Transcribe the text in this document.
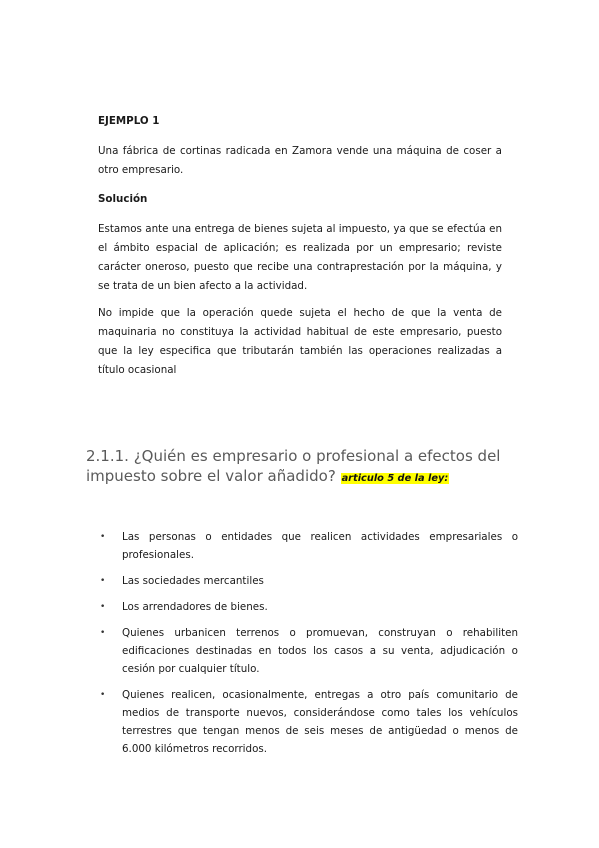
EJEMPLO 1
Una fábrica de cortinas radicada en Zamora vende una máquina de coser a otro empresario.
Solución
Estamos ante una entrega de bienes sujeta al impuesto, ya que se efectúa en el ámbito espacial de aplicación; es realizada por un empresario; reviste carácter oneroso, puesto que recibe una contraprestación por la máquina, y se trata de un bien afecto a la actividad.
No impide que la operación quede sujeta el hecho de que la venta de maquinaria no constituya la actividad habitual de este empresario, puesto que la ley especifica que tributarán también las operaciones realizadas a título ocasional
2.1.1. ¿Quién es empresario o profesional a efectos del impuesto sobre el valor añadido? articulo 5 de la ley:
• Las personas o entidades que realicen actividades empresariales o profesionales.
• Las sociedades mercantiles
• Los arrendadores de bienes.
• Quienes urbanicen terrenos o promuevan, construyan o rehabiliten edificaciones destinadas en todos los casos a su venta, adjudicación o cesión por cualquier título.
• Quienes realicen, ocasionalmente, entregas a otro país comunitario de medios de transporte nuevos, considerándose como tales los vehículos terrestres que tengan menos de seis meses de antigüedad o menos de 6.000 kilómetros recorridos.
